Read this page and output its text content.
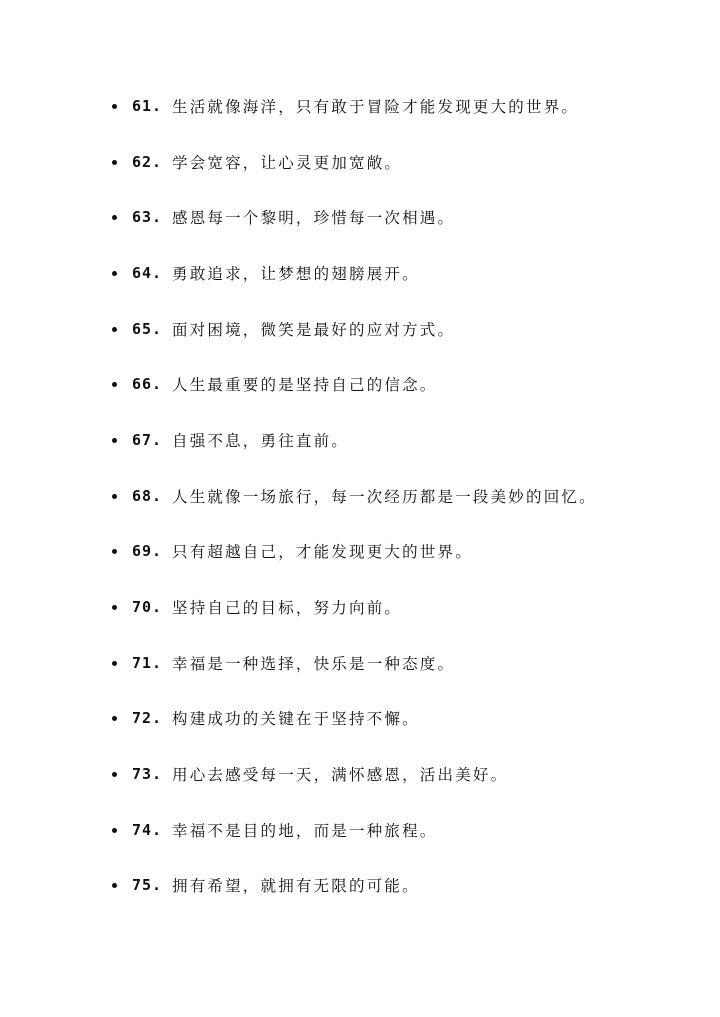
61. 生活就像海洋，只有敢于冒险才能发现更大的世界。
62. 学会宽容，让心灵更加宽敞。
63. 感恩每一个黎明，珍惜每一次相遇。
64. 勇敢追求，让梦想的翅膀展开。
65. 面对困境，微笑是最好的应对方式。
66. 人生最重要的是坚持自己的信念。
67. 自强不息，勇往直前。
68. 人生就像一场旅行，每一次经历都是一段美妙的回忆。
69. 只有超越自己，才能发现更大的世界。
70. 坚持自己的目标，努力向前。
71. 幸福是一种选择，快乐是一种态度。
72. 构建成功的关键在于坚持不懈。
73. 用心去感受每一天，满怀感恩，活出美好。
74. 幸福不是目的地，而是一种旅程。
75. 拥有希望，就拥有无限的可能。
